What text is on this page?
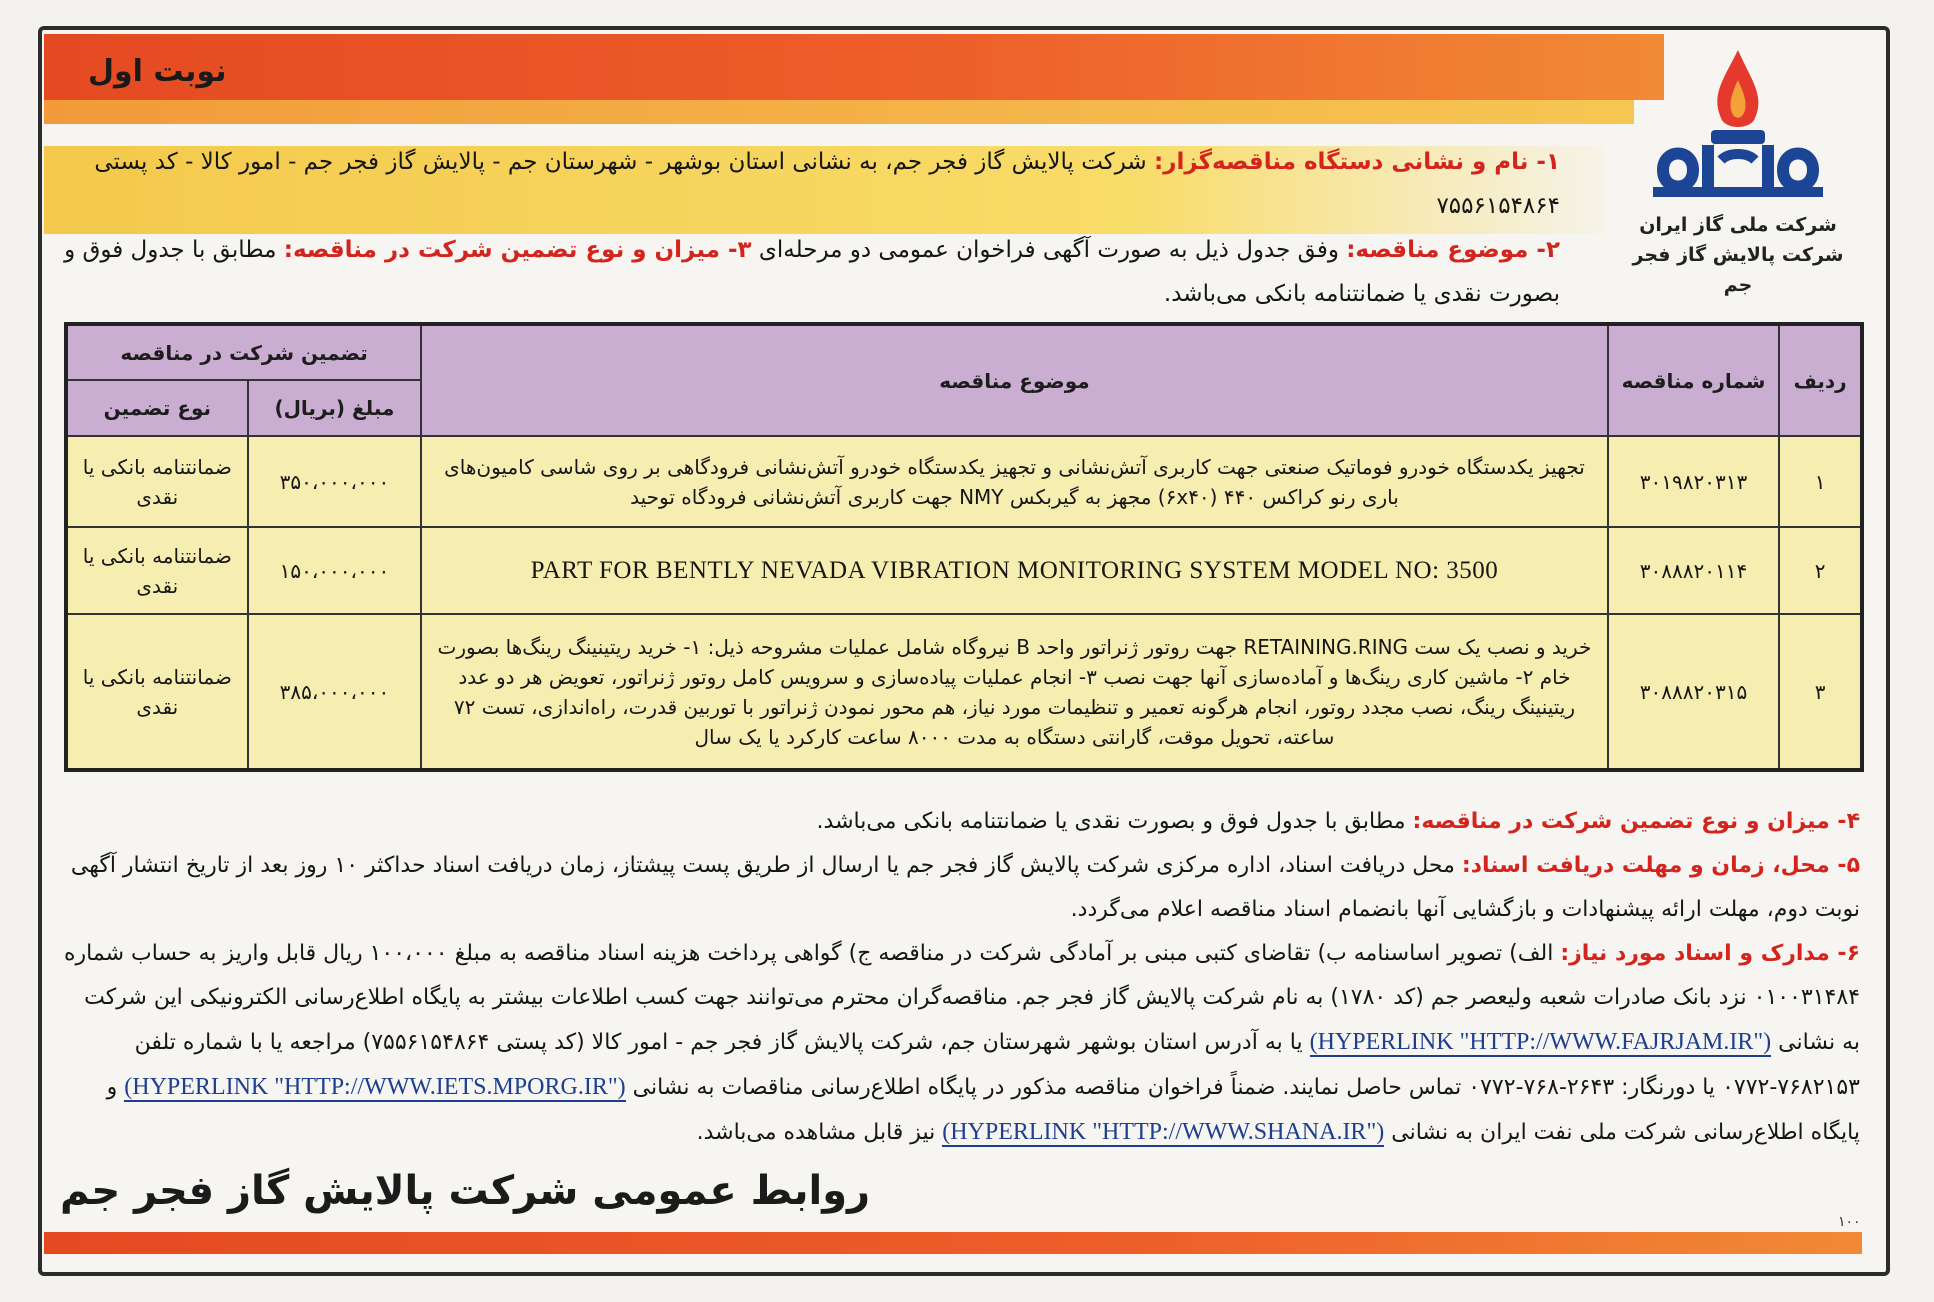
نوبت اول
شرکت ملی گاز ایران
شرکت پالایش گاز فجر جم
۱- نام و نشانی دستگاه مناقصه‌گزار: شرکت پالایش گاز فجر جم، به نشانی استان بوشهر - شهرستان جم - پالایش گاز فجر جم - امور کالا - کد پستی ۷۵۵۶۱۵۴۸۶۴
۲- موضوع مناقصه: وفق جدول ذیل به صورت آگهی فراخوان عمومی دو مرحله‌ای ۳- میزان و نوع تضمین شرکت در مناقصه: مطابق با جدول فوق و بصورت نقدی یا ضمانتنامه بانکی می‌باشد.
ردیف	شماره مناقصه	موضوع مناقصه	تضمین شرکت در مناقصه	
			مبلغ (بریال)	نوع تضمین
۱	۳۰۱۹۸۲۰۳۱۳	تجهیز یکدستگاه خودرو فوماتیک صنعتی جهت کاربری آتش‌نشانی و تجهیز یکدستگاه خودرو آتش‌نشانی فرودگاهی بر روی شاسی کامیون‌های باری رنو کراکس ۴۴۰ (۶x۴۰) مجهز به گیربکس NMY جهت کاربری آتش‌نشانی فرودگاه توحید	۳۵۰،۰۰۰،۰۰۰	ضمانتنامه بانکی یا نقدی
۲	۳۰۸۸۸۲۰۱۱۴	PART FOR BENTLY NEVADA VIBRATION MONITORING SYSTEM MODEL NO: 3500	۱۵۰،۰۰۰،۰۰۰	ضمانتنامه بانکی یا نقدی
۳	۳۰۸۸۸۲۰۳۱۵	خرید و نصب یک ست RETAINING.RING جهت روتور ژنراتور واحد B نیروگاه شامل عملیات مشروحه ذیل: ۱- خرید ریتینینگ رینگ‌ها بصورت خام ۲- ماشین کاری رینگ‌ها و آماده‌سازی آنها جهت نصب ۳- انجام عملیات پیاده‌سازی و سرویس کامل روتور ژنراتور، تعویض هر دو عدد ریتینینگ رینگ، نصب مجدد روتور، انجام هرگونه تعمیر و تنظیمات مورد نیاز، هم محور نمودن ژنراتور با توربین قدرت، راه‌اندازی، تست ۷۲ ساعته، تحویل موقت، گارانتی دستگاه به مدت ۸۰۰۰ ساعت کارکرد یا یک سال	۳۸۵،۰۰۰،۰۰۰	ضمانتنامه بانکی یا نقدی

۴- میزان و نوع تضمین شرکت در مناقصه: مطابق با جدول فوق و بصورت نقدی یا ضمانتنامه بانکی می‌باشد.

۵- محل، زمان و مهلت دریافت اسناد: محل دریافت اسناد، اداره مرکزی شرکت پالایش گاز فجر جم یا ارسال از طریق پست پیشتاز، زمان دریافت اسناد حداکثر ۱۰ روز بعد از تاریخ انتشار آگهی نوبت دوم، مهلت ارائه پیشنهادات و بازگشایی آنها بانضمام اسناد مناقصه اعلام می‌گردد.

۶- مدارک و اسناد مورد نیاز: الف) تصویر اساسنامه ب) تقاضای کتبی مبنی بر آمادگی شرکت در مناقصه ج) گواهی پرداخت هزینه اسناد مناقصه به مبلغ ۱۰۰،۰۰۰ ریال قابل واریز به حساب شماره ۰۱۰۰۳۱۴۸۴ نزد بانک صادرات شعبه ولیعصر جم (کد ۱۷۸۰) به نام شرکت پالایش گاز فجر جم. مناقصه‌گران محترم می‌توانند جهت کسب اطلاعات بیشتر به پایگاه اطلاع‌رسانی الکترونیکی این شرکت به نشانی (HYPERLINK "HTTP://WWW.FAJRJAM.IR") یا به آدرس استان بوشهر شهرستان جم، شرکت پالایش گاز فجر جم - امور کالا (کد پستی ۷۵۵۶۱۵۴۸۶۴) مراجعه یا با شماره تلفن ۷۶۸۲۱۵۳-۰۷۷۲ یا دورنگار: ۲۶۴۳-۷۶۸-۰۷۷۲ تماس حاصل نمایند. ضمناً فراخوان مناقصه مذکور در پایگاه اطلاع‌رسانی مناقصات به نشانی (HYPERLINK "HTTP://WWW.IETS.MPORG.IR") و پایگاه اطلاع‌رسانی شرکت ملی نفت ایران به نشانی (HYPERLINK "HTTP://WWW.SHANA.IR") نیز قابل مشاهده می‌باشد.

روابط عمومی شرکت پالایش گاز فجر جم
۱۰۰
